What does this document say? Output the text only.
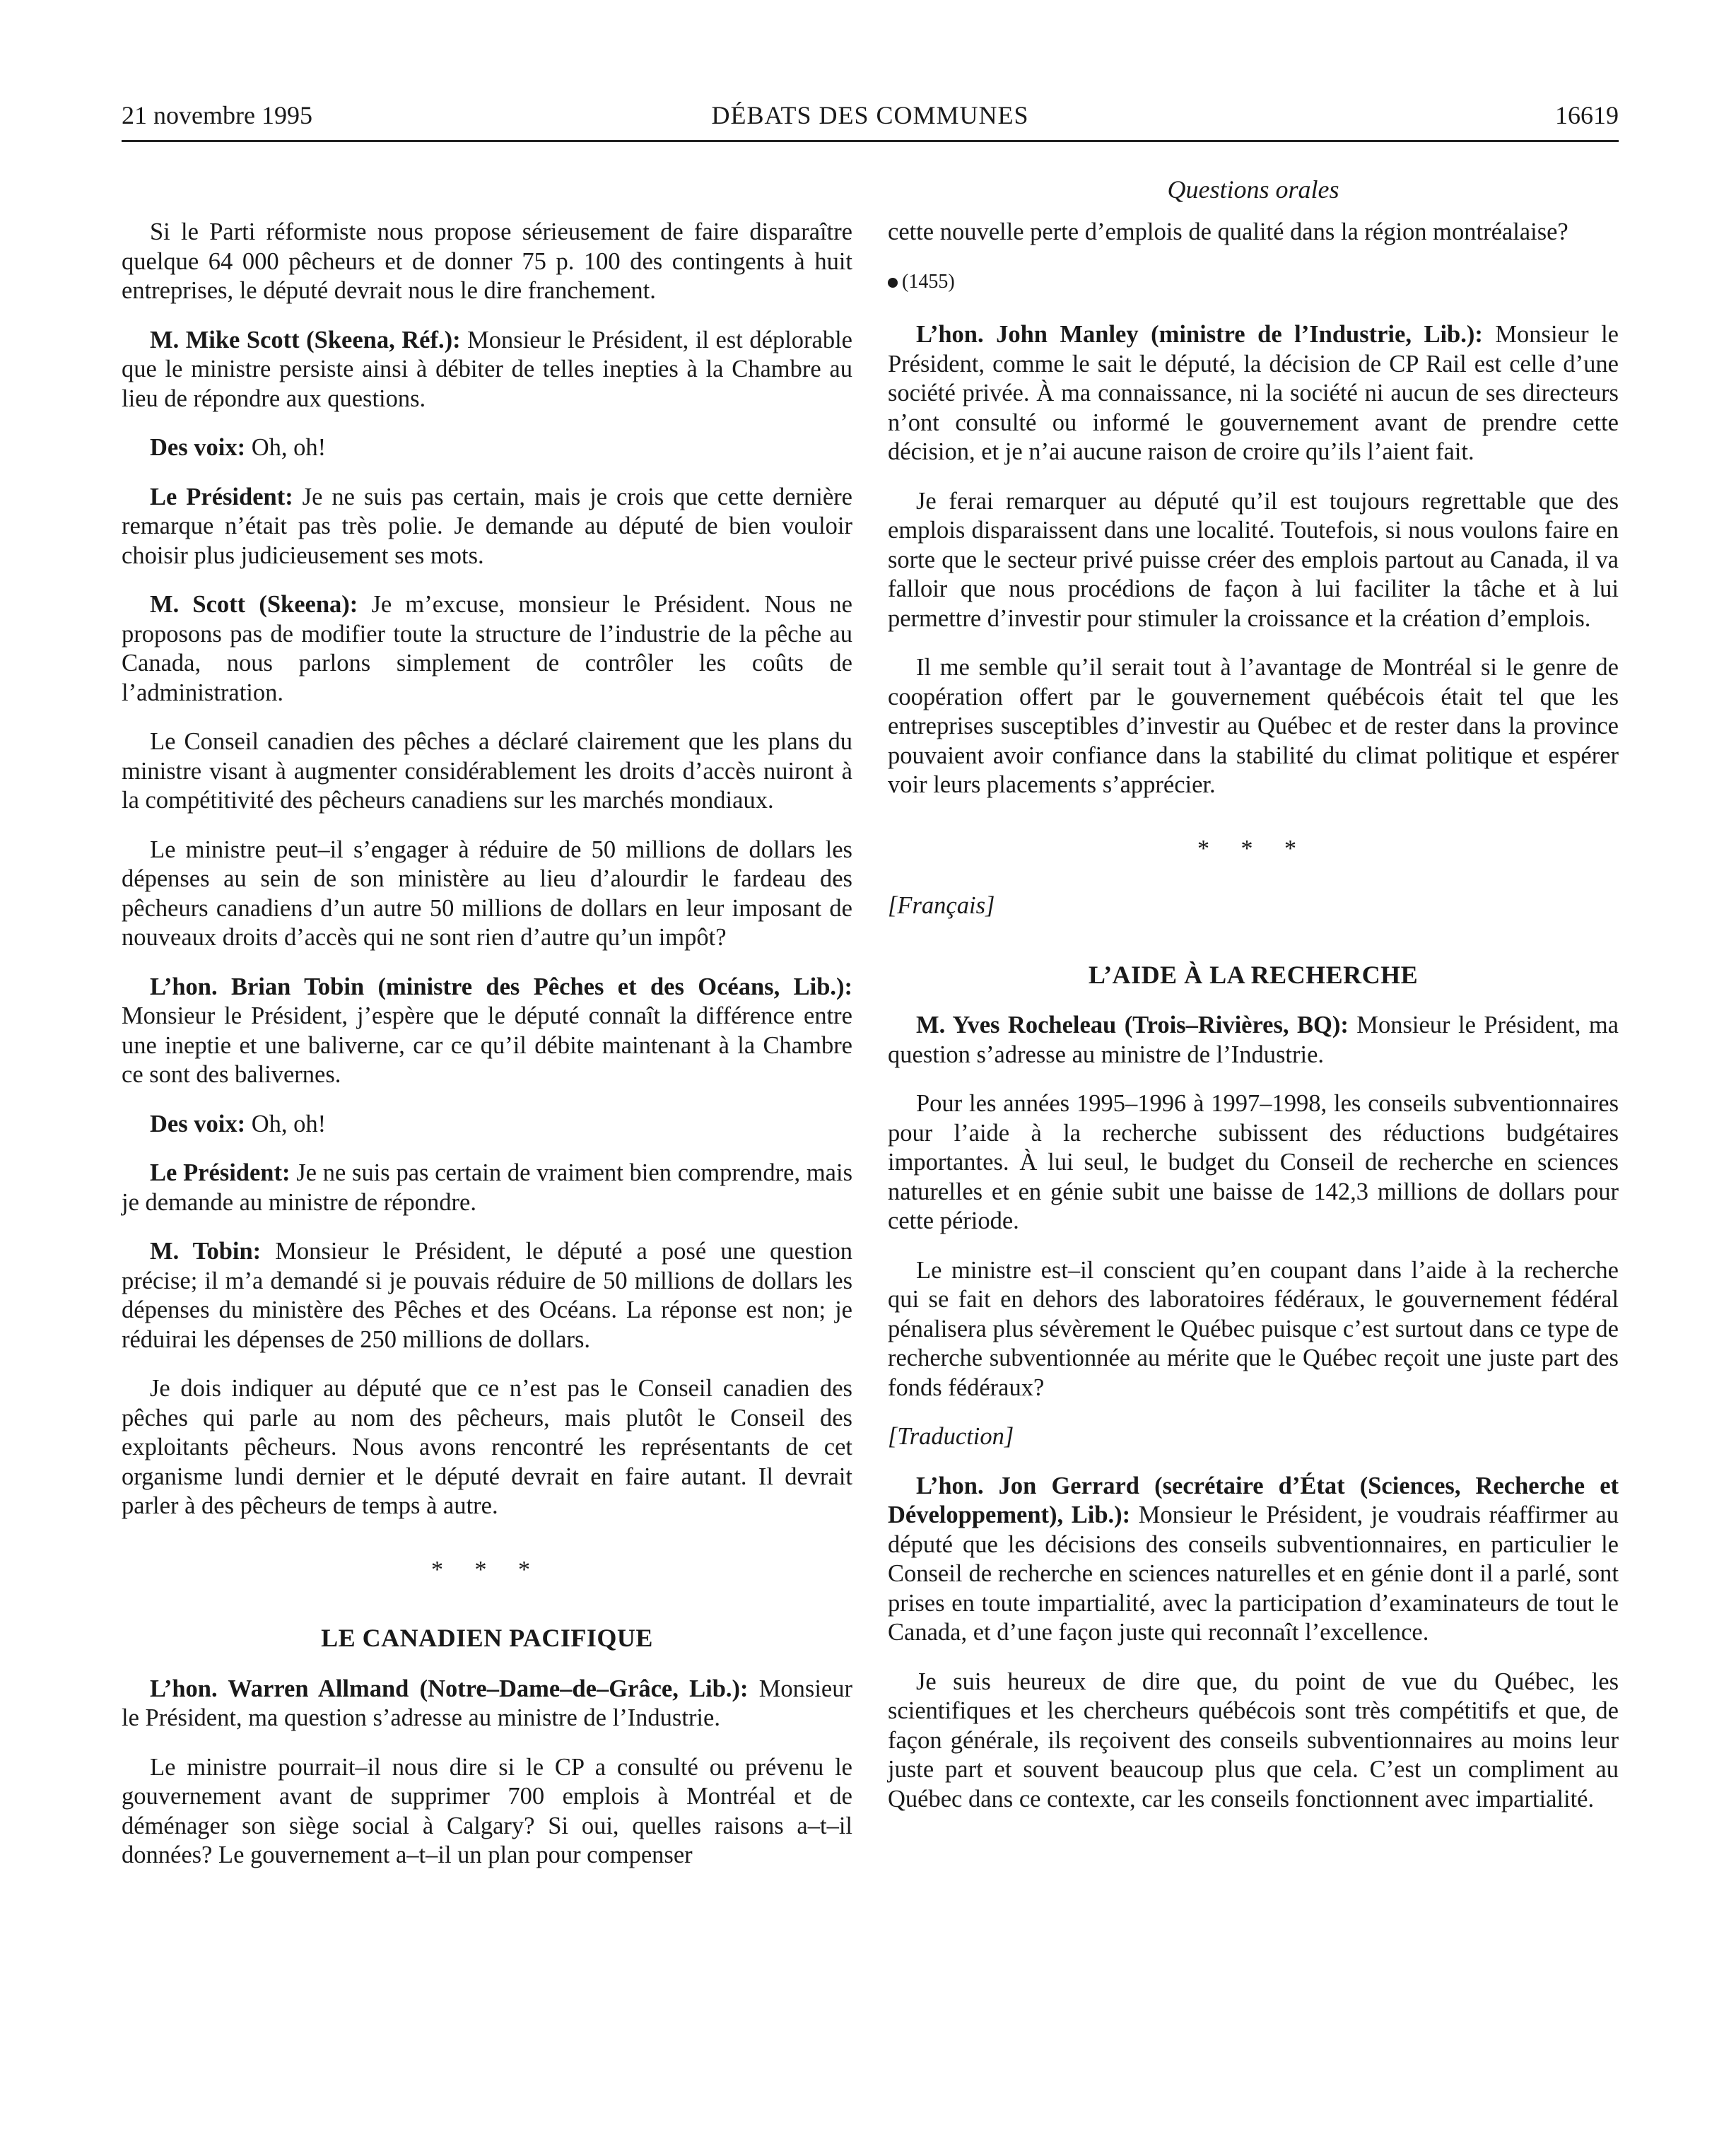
21 novembre 1995	DÉBATS DES COMMUNES	16619
Questions orales

Si le Parti réformiste nous propose sérieusement de faire disparaître quelque 64 000 pêcheurs et de donner 75 p. 100 des contingents à huit entreprises, le député devrait nous le dire franchement.

M. Mike Scott (Skeena, Réf.): Monsieur le Président, il est déplorable que le ministre persiste ainsi à débiter de telles inepties à la Chambre au lieu de répondre aux questions.

Des voix: Oh, oh!

Le Président: Je ne suis pas certain, mais je crois que cette dernière remarque n’était pas très polie. Je demande au député de bien vouloir choisir plus judicieusement ses mots.

M. Scott (Skeena): Je m’excuse, monsieur le Président. Nous ne proposons pas de modifier toute la structure de l’industrie de la pêche au Canada, nous parlons simplement de contrôler les coûts de l’administration.

Le Conseil canadien des pêches a déclaré clairement que les plans du ministre visant à augmenter considérablement les droits d’accès nuiront à la compétitivité des pêcheurs canadiens sur les marchés mondiaux.

Le ministre peut–il s’engager à réduire de 50 millions de dollars les dépenses au sein de son ministère au lieu d’alourdir le fardeau des pêcheurs canadiens d’un autre 50 millions de dollars en leur imposant de nouveaux droits d’accès qui ne sont rien d’autre qu’un impôt?

L’hon. Brian Tobin (ministre des Pêches et des Océans, Lib.): Monsieur le Président, j’espère que le député connaît la différence entre une ineptie et une baliverne, car ce qu’il débite maintenant à la Chambre ce sont des balivernes.

Des voix: Oh, oh!

Le Président: Je ne suis pas certain de vraiment bien comprendre, mais je demande au ministre de répondre.

M. Tobin: Monsieur le Président, le député a posé une question précise; il m’a demandé si je pouvais réduire de 50 millions de dollars les dépenses du ministère des Pêches et des Océans. La réponse est non; je réduirai les dépenses de 250 millions de dollars.

Je dois indiquer au député que ce n’est pas le Conseil canadien des pêches qui parle au nom des pêcheurs, mais plutôt le Conseil des exploitants pêcheurs. Nous avons rencontré les représentants de cet organisme lundi dernier et le député devrait en faire autant. Il devrait parler à des pêcheurs de temps à autre.

* * *
LE CANADIEN PACIFIQUE

L’hon. Warren Allmand (Notre–Dame–de–Grâce, Lib.): Monsieur le Président, ma question s’adresse au ministre de l’Industrie.

Le ministre pourrait–il nous dire si le CP a consulté ou prévenu le gouvernement avant de supprimer 700 emplois à Montréal et de déménager son siège social à Calgary? Si oui, quelles raisons a–t–il données? Le gouvernement a–t–il un plan pour compenser

cette nouvelle perte d’emplois de qualité dans la région montréalaise?

(1455)

L’hon. John Manley (ministre de l’Industrie, Lib.): Monsieur le Président, comme le sait le député, la décision de CP Rail est celle d’une société privée. À ma connaissance, ni la société ni aucun de ses directeurs n’ont consulté ou informé le gouvernement avant de prendre cette décision, et je n’ai aucune raison de croire qu’ils l’aient fait.

Je ferai remarquer au député qu’il est toujours regrettable que des emplois disparaissent dans une localité. Toutefois, si nous voulons faire en sorte que le secteur privé puisse créer des emplois partout au Canada, il va falloir que nous procédions de façon à lui faciliter la tâche et à lui permettre d’investir pour stimuler la croissance et la création d’emplois.

Il me semble qu’il serait tout à l’avantage de Montréal si le genre de coopération offert par le gouvernement québécois était tel que les entreprises susceptibles d’investir au Québec et de rester dans la province pouvaient avoir confiance dans la stabilité du climat politique et espérer voir leurs placements s’apprécier.

* * *
[Français]
L’AIDE À LA RECHERCHE

M. Yves Rocheleau (Trois–Rivières, BQ): Monsieur le Président, ma question s’adresse au ministre de l’Industrie.

Pour les années 1995–1996 à 1997–1998, les conseils subventionnaires pour l’aide à la recherche subissent des réductions budgétaires importantes. À lui seul, le budget du Conseil de recherche en sciences naturelles et en génie subit une baisse de 142,3 millions de dollars pour cette période.

Le ministre est–il conscient qu’en coupant dans l’aide à la recherche qui se fait en dehors des laboratoires fédéraux, le gouvernement fédéral pénalisera plus sévèrement le Québec puisque c’est surtout dans ce type de recherche subventionnée au mérite que le Québec reçoit une juste part des fonds fédéraux?

[Traduction]

L’hon. Jon Gerrard (secrétaire d’État (Sciences, Recherche et Développement), Lib.): Monsieur le Président, je voudrais réaffirmer au député que les décisions des conseils subventionnaires, en particulier le Conseil de recherche en sciences naturelles et en génie dont il a parlé, sont prises en toute impartialité, avec la participation d’examinateurs de tout le Canada, et d’une façon juste qui reconnaît l’excellence.

Je suis heureux de dire que, du point de vue du Québec, les scientifiques et les chercheurs québécois sont très compétitifs et que, de façon générale, ils reçoivent des conseils subventionnaires au moins leur juste part et souvent beaucoup plus que cela. C’est un compliment au Québec dans ce contexte, car les conseils fonctionnent avec impartialité.
